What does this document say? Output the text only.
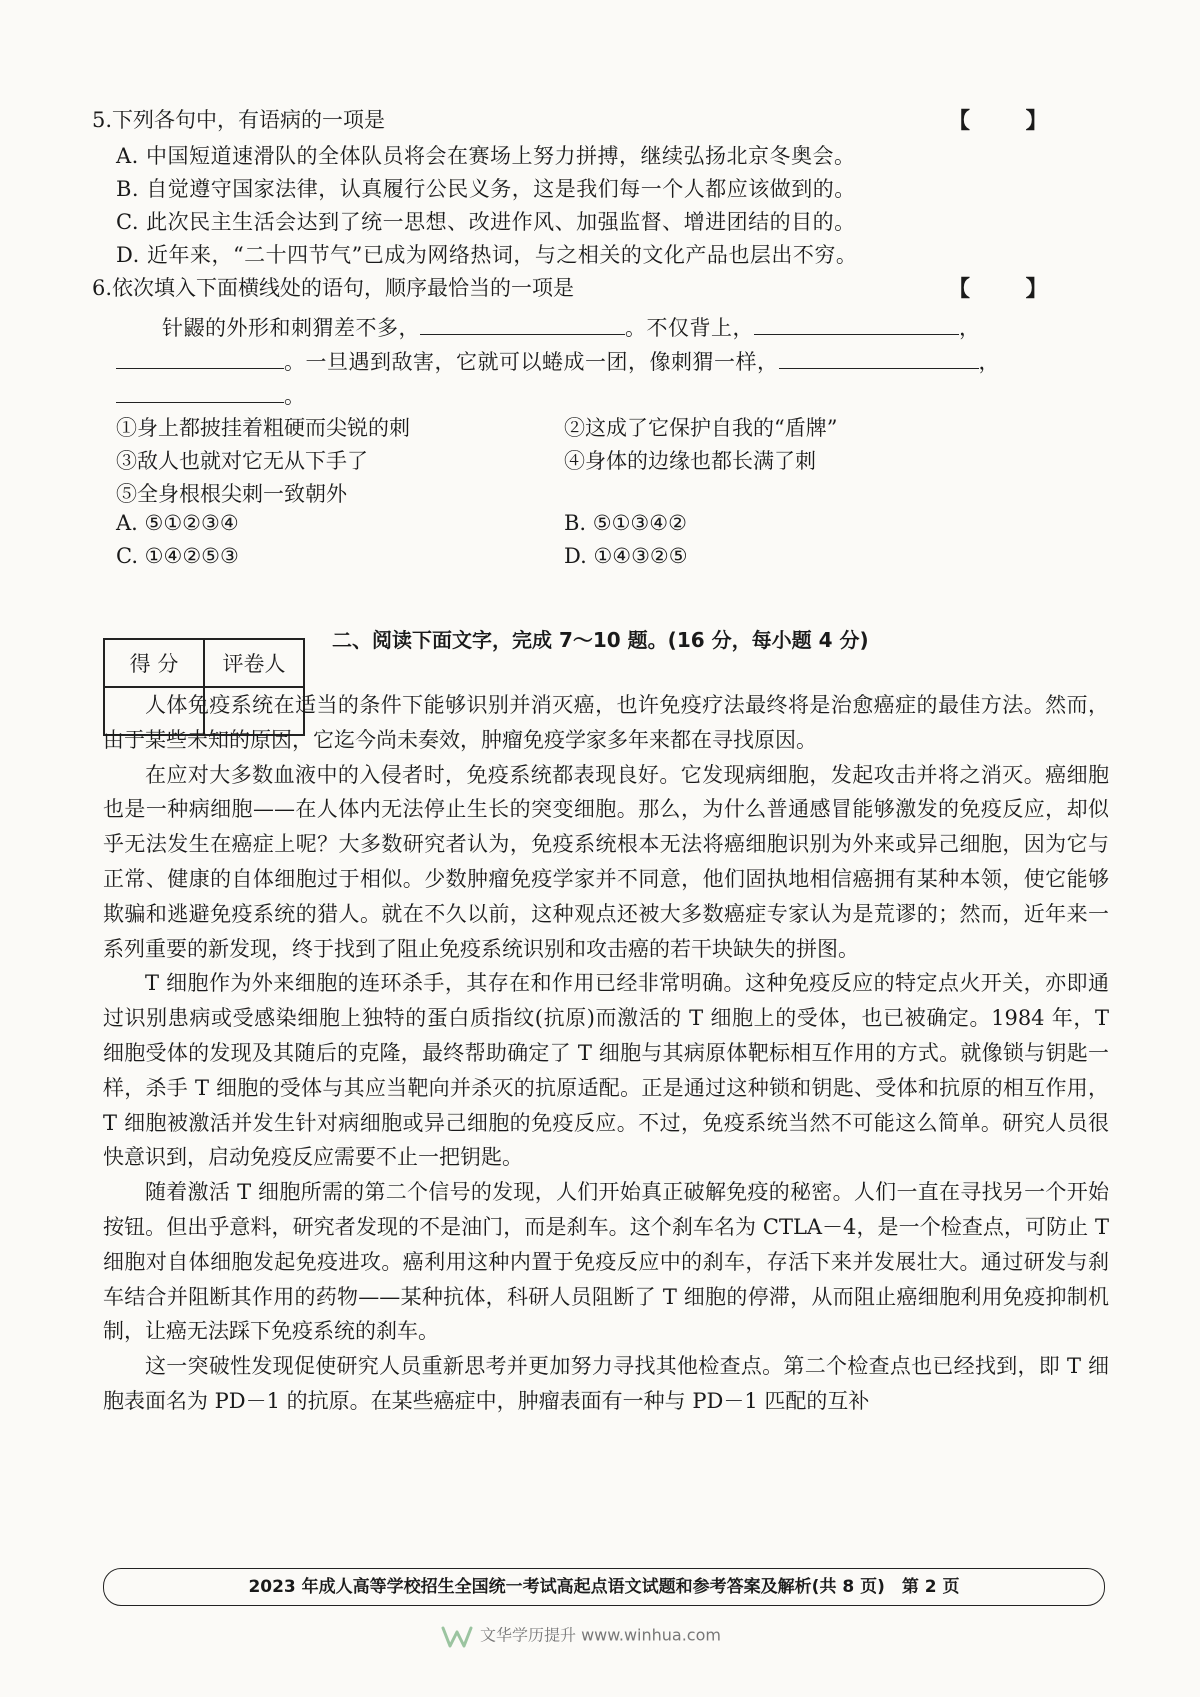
5.下列各句中，有语病的一项是	【 】
A. 中国短道速滑队的全体队员将会在赛场上努力拼搏，继续弘扬北京冬奥会。
B. 自觉遵守国家法律，认真履行公民义务，这是我们每一个人都应该做到的。
C. 此次民主生活会达到了统一思想、改进作风、加强监督、增进团结的目的。
D. 近年来，“二十四节气”已成为网络热词，与之相关的文化产品也层出不穷。
6.依次填入下面横线处的语句，顺序最恰当的一项是	【 】
针鼹的外形和刺猬差不多，	。不仅背上，	，
。一旦遇到敌害，它就可以蜷成一团，像刺猬一样，	，
。
①身上都披挂着粗硬而尖锐的刺	②这成了它保护自我的“盾牌”
③敌人也就对它无从下手了	④身体的边缘也都长满了刺
⑤全身根根尖刺一致朝外
A. ⑤①②③④	B. ⑤①③④②
C. ①④②⑤③	D. ①④③②⑤
得 分	评卷人

二、阅读下面文字，完成 7～10 题。(16 分，每小题 4 分)

人体免疫系统在适当的条件下能够识别并消灭癌，也许免疫疗法最终将是治愈癌症的最佳方法。然而，由于某些未知的原因，它迄今尚未奏效，肿瘤免疫学家多年来都在寻找原因。

在应对大多数血液中的入侵者时，免疫系统都表现良好。它发现病细胞，发起攻击并将之消灭。癌细胞也是一种病细胞——在人体内无法停止生长的突变细胞。那么，为什么普通感冒能够激发的免疫反应，却似乎无法发生在癌症上呢？大多数研究者认为，免疫系统根本无法将癌细胞识别为外来或异己细胞，因为它与正常、健康的自体细胞过于相似。少数肿瘤免疫学家并不同意，他们固执地相信癌拥有某种本领，使它能够欺骗和逃避免疫系统的猎人。就在不久以前，这种观点还被大多数癌症专家认为是荒谬的；然而，近年来一系列重要的新发现，终于找到了阻止免疫系统识别和攻击癌的若干块缺失的拼图。

T 细胞作为外来细胞的连环杀手，其存在和作用已经非常明确。这种免疫反应的特定点火开关，亦即通过识别患病或受感染细胞上独特的蛋白质指纹(抗原)而激活的 T 细胞上的受体，也已被确定。1984 年，T 细胞受体的发现及其随后的克隆，最终帮助确定了 T 细胞与其病原体靶标相互作用的方式。就像锁与钥匙一样，杀手 T 细胞的受体与其应当靶向并杀灭的抗原适配。正是通过这种锁和钥匙、受体和抗原的相互作用，T 细胞被激活并发生针对病细胞或异己细胞的免疫反应。不过，免疫系统当然不可能这么简单。研究人员很快意识到，启动免疫反应需要不止一把钥匙。

随着激活 T 细胞所需的第二个信号的发现，人们开始真正破解免疫的秘密。人们一直在寻找另一个开始按钮。但出乎意料，研究者发现的不是油门，而是刹车。这个刹车名为 CTLA－4，是一个检查点，可防止 T 细胞对自体细胞发起免疫进攻。癌利用这种内置于免疫反应中的刹车，存活下来并发展壮大。通过研发与刹车结合并阻断其作用的药物——某种抗体，科研人员阻断了 T 细胞的停滞，从而阻止癌细胞利用免疫抑制机制，让癌无法踩下免疫系统的刹车。

这一突破性发现促使研究人员重新思考并更加努力寻找其他检查点。第二个检查点也已经找到，即 T 细胞表面名为 PD－1 的抗原。在某些癌症中，肿瘤表面有一种与 PD－1 匹配的互补

2023 年成人高等学校招生全国统一考试高起点语文试题和参考答案及解析(共 8 页)　第 2 页
文华学历提升 www.winhua.com
